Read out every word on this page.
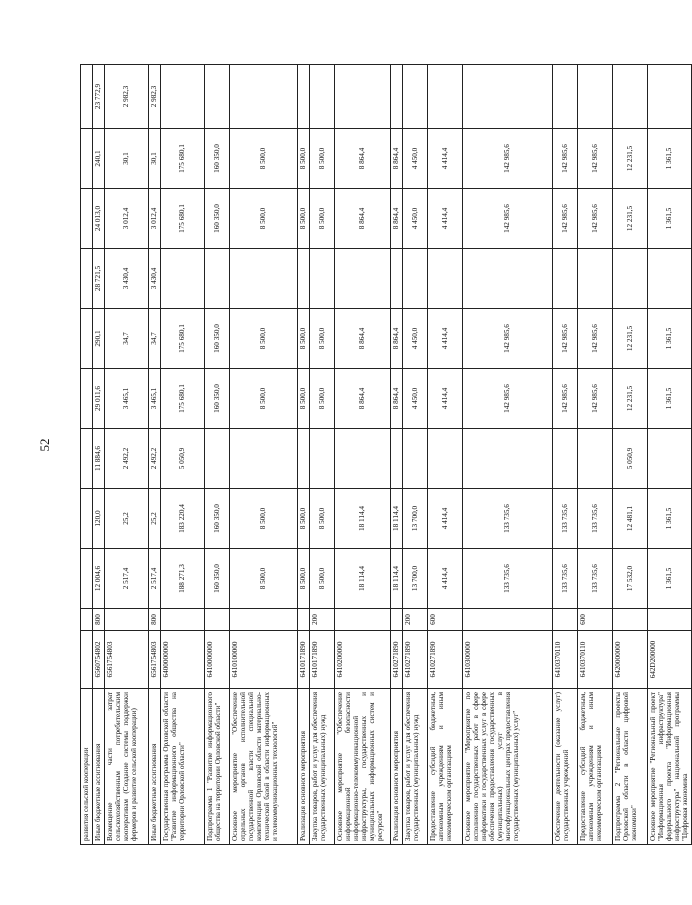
52
развития сельской кооперации											
Иные бюджетные ассигнования	6560754802	800	12 004,6	120,0	11 884,6	29 011,6	290,1	28 721,5	24 013,0	240,1	23 772,9
Возмещение части затрат сельскохозяйственным потребительским кооперативам (Создание системы поддержки фермеров и развитие сельской кооперации)	6561754803		2 517,4	25,2	2 492,2	3 465,1	34,7	3 430,4	3 012,4	30,1	2 982,3
Иные бюджетные ассигнования	6561754803	800	2 517,4	25,2	2 492,2	3 465,1	34,7	3 430,4	3 012,4	30,1	2 982,3
Государственная программа Орловской области "Развитие информационного общества на территории Орловской области"	6400000000		188 271,3	183 220,4	5 050,9	175 680,1	175 680,1		175 680,1	175 680,1	
Подпрограмма 1 "Развитие информационного общества на территории Орловской области"	6410000000		160 350,0	160 350,0		160 350,0	160 350,0		160 350,0	160 350,0	
Основное мероприятие "Обеспечение отдельных органов исполнительной государственной власти специальной компетенции Орловской области материально-технической базой в области информационных и телекоммуникационных технологий"	6410100000		8 500,0	8 500,0		8 500,0	8 500,0		8 500,0	8 500,0	
Реализация основного мероприятия	6410171890		8 500,0	8 500,0		8 500,0	8 500,0		8 500,0	8 500,0	
Закупка товаров, работ и услуг для обеспечения государственных (муниципальных) нужд	6410171890	200	8 500,0	8 500,0		8 500,0	8 500,0		8 500,0	8 500,0	
Основное мероприятие "Обеспечение информационной безопасности информационно-телекоммуникационной инфраструктуры, государственных и муниципальных информационных систем и ресурсов"	6410200000		18 114,4	18 114,4		8 864,4	8 864,4		8 864,4	8 864,4	
Реализация основного мероприятия	6410271890		18 114,4	18 114,4		8 864,4	8 864,4		8 864,4	8 864,4	
Закупка товаров, работ и услуг для обеспечения государственных (муниципальных) нужд	6410271890	200	13 700,0	13 700,0		4 450,0	4 450,0		4 450,0	4 450,0	
Предоставление субсидий бюджетным, автономным учреждениям и иным некоммерческим организациям	6410271890	600	4 414,4	4 414,4		4 414,4	4 414,4		4 414,4	4 414,4	
Основное мероприятие "Мероприятие по исполнению государственных работ в сфере информатики и государственных услуг в сфере обеспечения предоставления государственных (муниципальных) услуг в многофункциональных центрах предоставления государственных (муниципальных) услуг"	6410300000		133 735,6	133 735,6		142 985,6	142 985,6		142 985,6	142 985,6	
Обеспечение деятельности (оказание услуг) государственных учреждений	6410370110		133 735,6	133 735,6		142 985,6	142 985,6		142 985,6	142 985,6	
Предоставление субсидий бюджетным, автономным учреждениям и иным некоммерческим организациям	6410370110	600	133 735,6	133 735,6		142 985,6	142 985,6		142 985,6	142 985,6	
Подпрограмма 2 "Региональные проекты Орловской области в области цифровой экономики"	6420000000		17 532,0	12 481,1	5 050,9	12 231,5	12 231,5		12 231,5	12 231,5	
Основное мероприятие "Региональный проект "Информационная инфраструктура" федерального проекта "Информационная инфраструктура" национальной программы "Цифровая экономика	642D200000		1 361,5	1 361,5		1 361,5	1 361,5		1 361,5	1 361,5	
